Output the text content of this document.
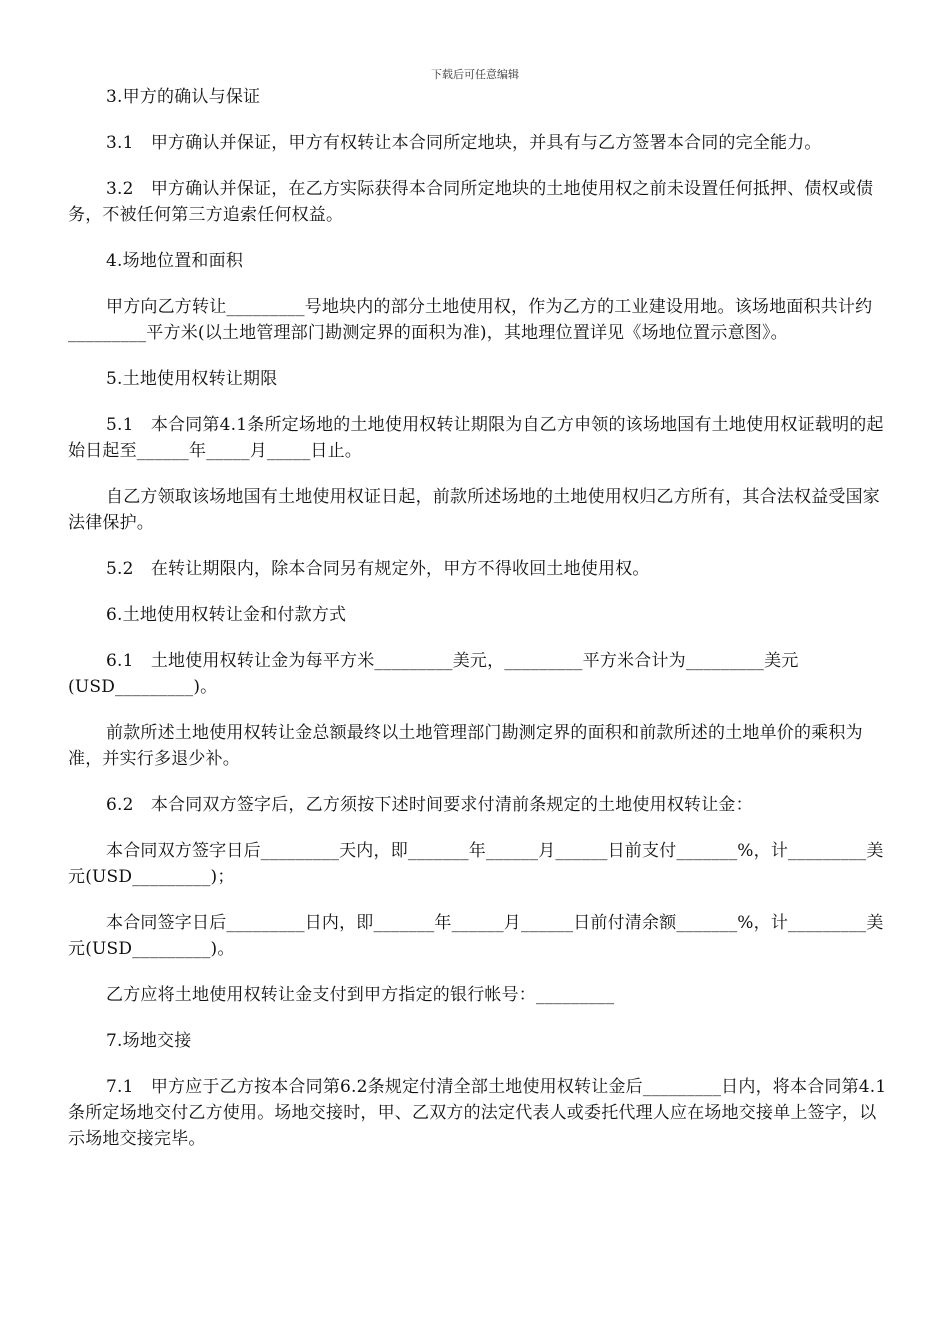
下载后可任意编辑

3.甲方的确认与保证

3.1　甲方确认并保证，甲方有权转让本合同所定地块，并具有与乙方签署本合同的完全能力。

3.2　甲方确认并保证，在乙方实际获得本合同所定地块的土地使用权之前未设置任何抵押、债权或债务，不被任何第三方追索任何权益。

4.场地位置和面积

甲方向乙方转让_________号地块内的部分土地使用权，作为乙方的工业建设用地。该场地面积共计约_________平方米(以土地管理部门勘测定界的面积为准)，其地理位置详见《场地位置示意图》。

5.土地使用权转让期限

5.1　本合同第4.1条所定场地的土地使用权转让期限为自乙方申领的该场地国有土地使用权证载明的起始日起至______年_____月_____日止。

自乙方领取该场地国有土地使用权证日起，前款所述场地的土地使用权归乙方所有，其合法权益受国家法律保护。

5.2　在转让期限内，除本合同另有规定外，甲方不得收回土地使用权。

6.土地使用权转让金和付款方式

6.1　土地使用权转让金为每平方米_________美元，_________平方米合计为_________美元(USD_________)。

前款所述土地使用权转让金总额最终以土地管理部门勘测定界的面积和前款所述的土地单价的乘积为准，并实行多退少补。

6.2　本合同双方签字后，乙方须按下述时间要求付清前条规定的土地使用权转让金：

本合同双方签字日后_________天内，即_______年______月______日前支付_______%，计_________美元(USD_________)；

本合同签字日后_________日内，即_______年______月______日前付清余额_______%，计_________美元(USD_________)。

乙方应将土地使用权转让金支付到甲方指定的银行帐号：_________

7.场地交接

7.1　甲方应于乙方按本合同第6.2条规定付清全部土地使用权转让金后_________日内，将本合同第4.1条所定场地交付乙方使用。场地交接时，甲、乙双方的法定代表人或委托代理人应在场地交接单上签字，以示场地交接完毕。
